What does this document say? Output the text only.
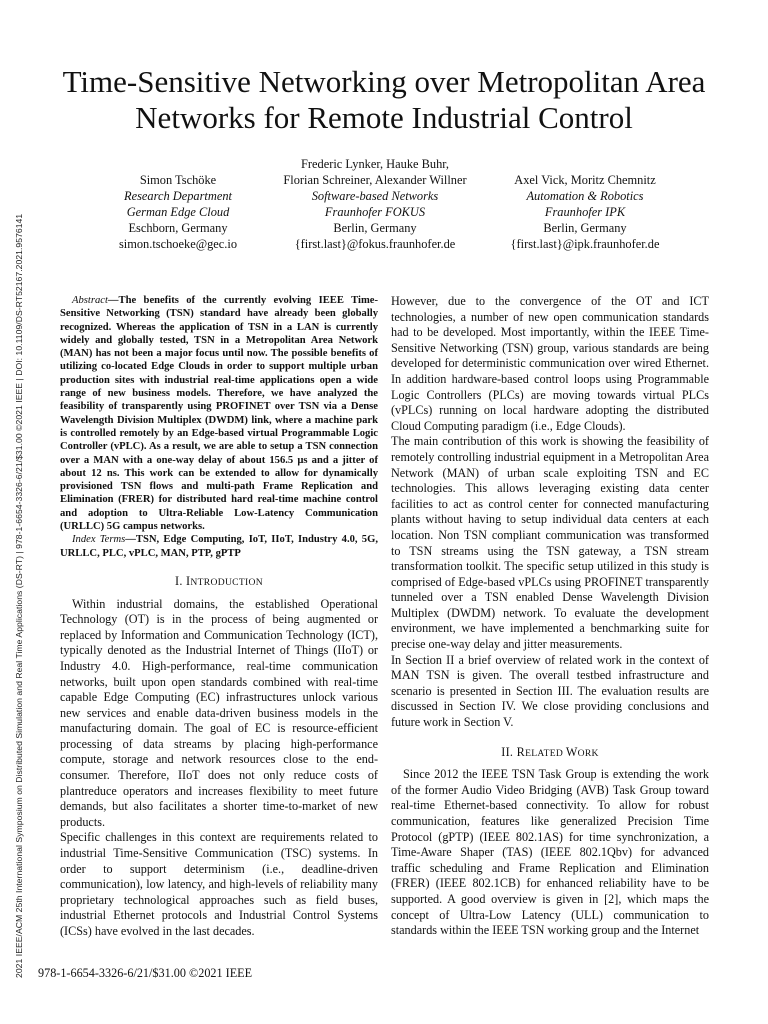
2021 IEEE/ACM 25th International Symposium on Distributed Simulation and Real Time Applications (DS-RT) | 978-1-6654-3326-6/21/$31.00 ©2021 IEEE | DOI: 10.1109/DS-RT52167.2021.9576141
Time-Sensitive Networking over Metropolitan Area Networks for Remote Industrial Control
Simon Tschöke
Research Department
German Edge Cloud
Eschborn, Germany
simon.tschoeke@gec.io
Frederic Lynker, Hauke Buhr,
Florian Schreiner, Alexander Willner
Software-based Networks
Fraunhofer FOKUS
Berlin, Germany
{first.last}@fokus.fraunhofer.de
Axel Vick, Moritz Chemnitz
Automation & Robotics
Fraunhofer IPK
Berlin, Germany
{first.last}@ipk.fraunhofer.de

Abstract—The benefits of the currently evolving IEEE Time-Sensitive Networking (TSN) standard have already been globally recognized. Whereas the application of TSN in a LAN is currently widely and globally tested, TSN in a Metropolitan Area Network (MAN) has not been a major focus until now. The possible benefits of utilizing co-located Edge Clouds in order to support multiple urban production sites with industrial real-time applications open a wide range of new business models. Therefore, we have analyzed the feasibility of transparently using PROFINET over TSN via a Dense Wavelength Division Multiplex (DWDM) link, where a machine park is controlled remotely by an Edge-based virtual Programmable Logic Controller (vPLC). As a result, we are able to setup a TSN connection over a MAN with a one-way delay of about 156.5 µs and a jitter of about 12 ns. This work can be extended to allow for dynamically provisioned TSN flows and multi-path Frame Replication and Elimination (FRER) for distributed hard real-time machine control and adoption to Ultra-Reliable Low-Latency Communication (URLLC) 5G campus networks.

Index Terms—TSN, Edge Computing, IoT, IIoT, Industry 4.0, 5G, URLLC, PLC, vPLC, MAN, PTP, gPTP

I. INTRODUCTION

Within industrial domains, the established Operational Technology (OT) is in the process of being augmented or replaced by Information and Communication Technology (ICT), typically denoted as the Industrial Internet of Things (IIoT) or Industry 4.0. High-performance, real-time communication networks, built upon open standards combined with real-time capable Edge Computing (EC) infrastructures unlock various new services and enable data-driven business models in the manufacturing domain. The goal of EC is resource-efficient processing of data streams by placing high-performance compute, storage and network resources close to the end-consumer. Therefore, IIoT does not only reduce costs of plantreduce operators and increases flexibility to meet future demands, but also facilitates a shorter time-to-market of new products.

Specific challenges in this context are requirements related to industrial Time-Sensitive Communication (TSC) systems. In order to support determinism (i.e., deadline-driven communication), low latency, and high-levels of reliability many proprietary technological approaches such as field buses, industrial Ethernet protocols and Industrial Control Systems (ICSs) have evolved in the last decades.

However, due to the convergence of the OT and ICT technologies, a number of new open communication standards had to be developed. Most importantly, within the IEEE Time-Sensitive Networking (TSN) group, various standards are being developed for deterministic communication over wired Ethernet. In addition hardware-based control loops using Programmable Logic Controllers (PLCs) are moving towards virtual PLCs (vPLCs) running on local hardware adopting the distributed Cloud Computing paradigm (i.e., Edge Clouds).

The main contribution of this work is showing the feasibility of remotely controlling industrial equipment in a Metropolitan Area Network (MAN) of urban scale exploiting TSN and EC technologies. This allows leveraging existing data center facilities to act as control center for connected manufacturing plants without having to setup individual data centers at each location. Non TSN compliant communication was transformed to TSN streams using the TSN gateway, a TSN stream transformation toolkit. The specific setup utilized in this study is comprised of Edge-based vPLCs using PROFINET transparently tunneled over a TSN enabled Dense Wavelength Division Multiplex (DWDM) network. To evaluate the development environment, we have implemented a benchmarking suite for precise one-way delay and jitter measurements.

In Section II a brief overview of related work in the context of MAN TSN is given. The overall testbed infrastructure and scenario is presented in Section III. The evaluation results are discussed in Section IV. We close providing conclusions and future work in Section V.

II. RELATED WORK

Since 2012 the IEEE TSN Task Group is extending the work of the former Audio Video Bridging (AVB) Task Group toward real-time Ethernet-based connectivity. To allow for robust communication, features like generalized Precision Time Protocol (gPTP) (IEEE 802.1AS) for time synchronization, a Time-Aware Shaper (TAS) (IEEE 802.1Qbv) for advanced traffic scheduling and Frame Replication and Elimination (FRER) (IEEE 802.1CB) for enhanced reliability have to be supported. A good overview is given in [2], which maps the concept of Ultra-Low Latency (ULL) communication to standards within the IEEE TSN working group and the Internet

978-1-6654-3326-6/21/$31.00 ©2021 IEEE
